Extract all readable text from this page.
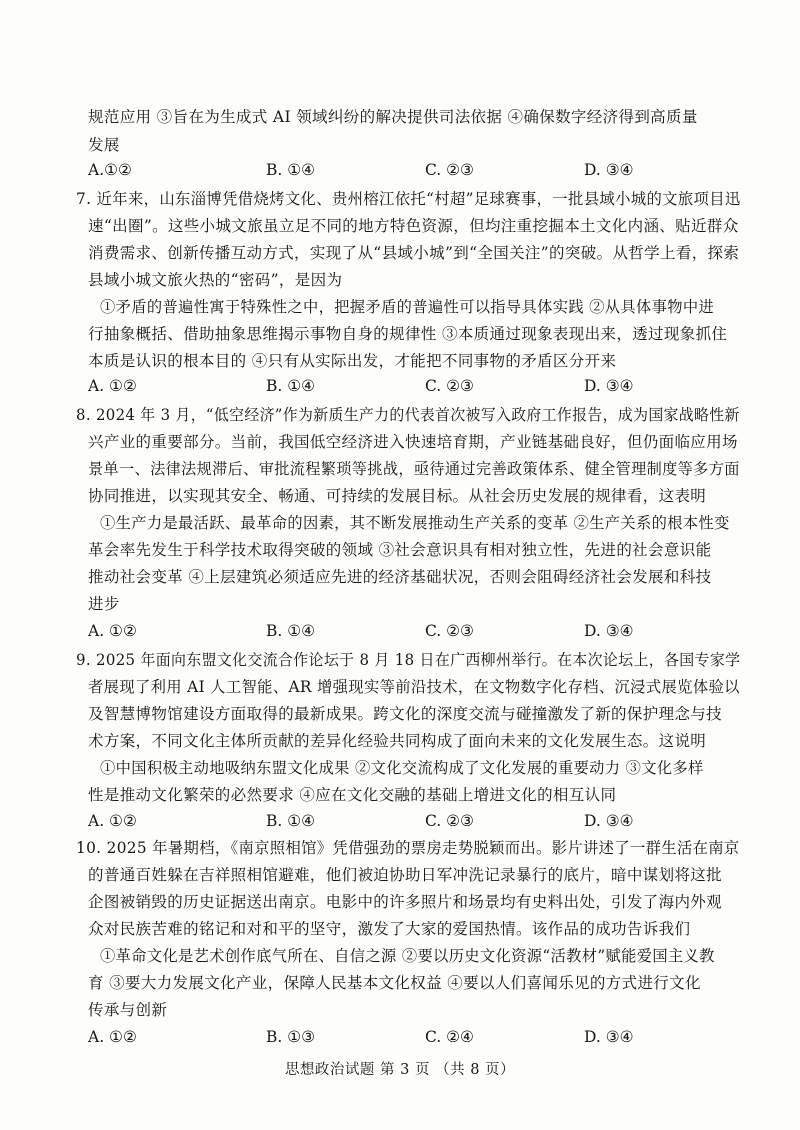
规范应用 ③旨在为生成式 AI 领域纠纷的解决提供司法依据 ④确保数字经济得到高质量
发展
A.①②	B. ①④	C. ②③	D. ③④
7. 近年来，山东淄博凭借烧烤文化、贵州榕江依托“村超”足球赛事，一批县域小城的文旅项目迅
速“出圈”。这些小城文旅虽立足不同的地方特色资源，但均注重挖掘本土文化内涵、贴近群众
消费需求、创新传播互动方式，实现了从“县域小城”到“全国关注”的突破。从哲学上看，探索
县域小城文旅火热的“密码”，是因为
①矛盾的普遍性寓于特殊性之中，把握矛盾的普遍性可以指导具体实践 ②从具体事物中进
行抽象概括、借助抽象思维揭示事物自身的规律性 ③本质通过现象表现出来，透过现象抓住
本质是认识的根本目的 ④只有从实际出发，才能把不同事物的矛盾区分开来
A. ①②	B. ①④	C. ②③	D. ③④
8. 2024 年 3 月，“低空经济”作为新质生产力的代表首次被写入政府工作报告，成为国家战略性新
兴产业的重要部分。当前，我国低空经济进入快速培育期，产业链基础良好，但仍面临应用场
景单一、法律法规滞后、审批流程繁琐等挑战，亟待通过完善政策体系、健全管理制度等多方面
协同推进，以实现其安全、畅通、可持续的发展目标。从社会历史发展的规律看，这表明
①生产力是最活跃、最革命的因素，其不断发展推动生产关系的变革 ②生产关系的根本性变
革会率先发生于科学技术取得突破的领域 ③社会意识具有相对独立性，先进的社会意识能
推动社会变革 ④上层建筑必须适应先进的经济基础状况，否则会阻碍经济社会发展和科技
进步
A. ①②	B. ①④	C. ②③	D. ③④
9. 2025 年面向东盟文化交流合作论坛于 8 月 18 日在广西柳州举行。在本次论坛上，各国专家学
者展现了利用 AI 人工智能、AR 增强现实等前沿技术，在文物数字化存档、沉浸式展览体验以
及智慧博物馆建设方面取得的最新成果。跨文化的深度交流与碰撞激发了新的保护理念与技
术方案，不同文化主体所贡献的差异化经验共同构成了面向未来的文化发展生态。这说明
①中国积极主动地吸纳东盟文化成果 ②文化交流构成了文化发展的重要动力 ③文化多样
性是推动文化繁荣的必然要求 ④应在文化交融的基础上增进文化的相互认同
A. ①②	B. ①④	C. ②③	D. ③④
10. 2025 年暑期档，《南京照相馆》凭借强劲的票房走势脱颖而出。影片讲述了一群生活在南京
的普通百姓躲在吉祥照相馆避难，他们被迫协助日军冲洗记录暴行的底片，暗中谋划将这批
企图被销毁的历史证据送出南京。电影中的许多照片和场景均有史料出处，引发了海内外观
众对民族苦难的铭记和对和平的坚守，激发了大家的爱国热情。该作品的成功告诉我们
①革命文化是艺术创作底气所在、自信之源 ②要以历史文化资源“活教材”赋能爱国主义教
育 ③要大力发展文化产业，保障人民基本文化权益 ④要以人们喜闻乐见的方式进行文化
传承与创新
A. ①②	B. ①③	C. ②④	D. ③④
思想政治试题 第 3 页 （共 8 页）
